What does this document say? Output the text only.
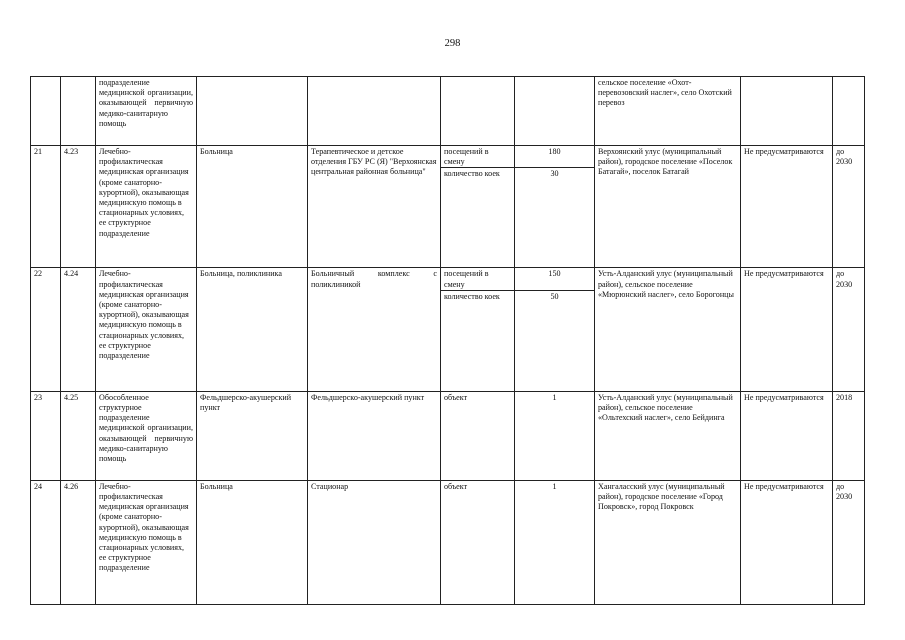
298
		подразделение медицинской организации, оказывающей первичную медико-санитарную помощь					сельское поселение «Охот-перевозовский наслег», село Охотский перевоз		
21	4.23	Лечебно-профилактическая медицинская организация (кроме санаторно-курортной), оказывающая медицинскую помощь в стационарных условиях, ее структурное подразделение	Больница	Терапевтическое и детское отделения ГБУ РС (Я) "Верхоянская центральная районная больница"	посещений в смену	180	Верхоянский улус (муниципальный район), городское поселение «Поселок Батагай», поселок Батагай	Не предусматриваются	до 2030
					количество коек	30			
22	4.24	Лечебно-профилактическая медицинская организация (кроме санаторно-курортной), оказывающая медицинскую помощь в стационарных условиях, ее структурное подразделение	Больница, поликлиника	Больничный комплекс с поликлиникой	посещений в смену	150	Усть-Алданский улус (муниципальный район), сельское поселение «Мюрюнский наслег», село Борогонцы	Не предусматриваются	до 2030
					количество коек	50			
23	4.25	Обособленное структурное подразделение медицинской организации, оказывающей первичную медико-санитарную помощь	Фельдшерско-акушерский пункт	Фельдшерско-акушерский пункт	объект	1	Усть-Алданский улус (муниципальный район), сельское поселение «Ольтехский наслег», село Бейдинга	Не предусматриваются	2018
24	4.26	Лечебно-профилактическая медицинская организация (кроме санаторно-курортной), оказывающая медицинскую помощь в стационарных условиях, ее структурное подразделение	Больница	Стационар	объект	1	Хангаласский улус (муниципальный район), городское поселение «Город Покровск», город Покровск	Не предусматриваются	до 2030
